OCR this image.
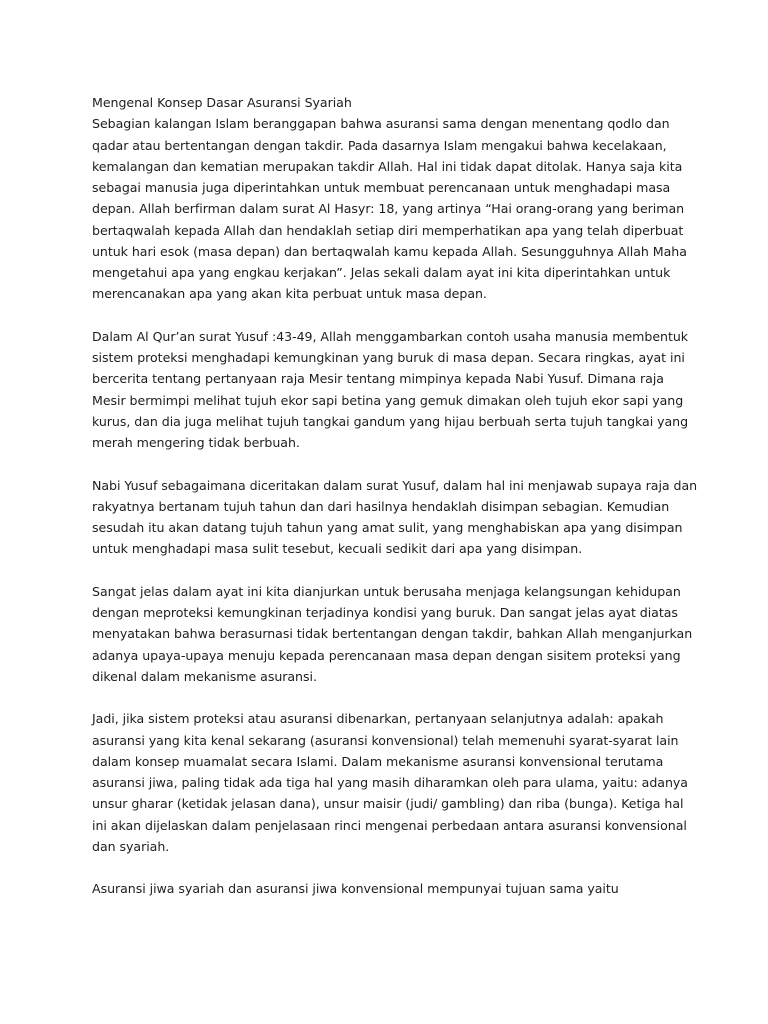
Mengenal Konsep Dasar Asuransi Syariah
Sebagian kalangan Islam beranggapan bahwa asuransi sama dengan menentang qodlo dan
qadar atau bertentangan dengan takdir. Pada dasarnya Islam mengakui bahwa kecelakaan,
kemalangan dan kematian merupakan takdir Allah. Hal ini tidak dapat ditolak. Hanya saja kita
sebagai manusia juga diperintahkan untuk membuat perencanaan untuk menghadapi masa
depan. Allah berfirman dalam surat Al Hasyr: 18, yang artinya “Hai orang-orang yang beriman
bertaqwalah kepada Allah dan hendaklah setiap diri memperhatikan apa yang telah diperbuat
untuk hari esok (masa depan) dan bertaqwalah kamu kepada Allah. Sesungguhnya Allah Maha
mengetahui apa yang engkau kerjakan”. Jelas sekali dalam ayat ini kita diperintahkan untuk
merencanakan apa yang akan kita perbuat untuk masa depan.
Dalam Al Qur’an surat Yusuf :43-49, Allah menggambarkan contoh usaha manusia membentuk
sistem proteksi menghadapi kemungkinan yang buruk di masa depan. Secara ringkas, ayat ini
bercerita tentang pertanyaan raja Mesir tentang mimpinya kepada Nabi Yusuf. Dimana raja
Mesir bermimpi melihat tujuh ekor sapi betina yang gemuk dimakan oleh tujuh ekor sapi yang
kurus, dan dia juga melihat tujuh tangkai gandum yang hijau berbuah serta tujuh tangkai yang
merah mengering tidak berbuah.
Nabi Yusuf sebagaimana diceritakan dalam surat Yusuf, dalam hal ini menjawab supaya raja dan
rakyatnya bertanam tujuh tahun dan dari hasilnya hendaklah disimpan sebagian. Kemudian
sesudah itu akan datang tujuh tahun yang amat sulit, yang menghabiskan apa yang disimpan
untuk menghadapi masa sulit tesebut, kecuali sedikit dari apa yang disimpan.
Sangat jelas dalam ayat ini kita dianjurkan untuk berusaha menjaga kelangsungan kehidupan
dengan meproteksi kemungkinan terjadinya kondisi yang buruk. Dan sangat jelas ayat diatas
menyatakan bahwa berasurnasi tidak bertentangan dengan takdir, bahkan Allah menganjurkan
adanya upaya-upaya menuju kepada perencanaan masa depan dengan sisitem proteksi yang
dikenal dalam mekanisme asuransi.
Jadi, jika sistem proteksi atau asuransi dibenarkan, pertanyaan selanjutnya adalah: apakah
asuransi yang kita kenal sekarang (asuransi konvensional) telah memenuhi syarat-syarat lain
dalam konsep muamalat secara Islami. Dalam mekanisme asuransi konvensional terutama
asuransi jiwa, paling tidak ada tiga hal yang masih diharamkan oleh para ulama, yaitu: adanya
unsur gharar (ketidak jelasan dana), unsur maisir (judi/ gambling) dan riba (bunga). Ketiga hal
ini akan dijelaskan dalam penjelasaan rinci mengenai perbedaan antara asuransi konvensional
dan syariah.
Asuransi jiwa syariah dan asuransi jiwa konvensional mempunyai tujuan sama yaitu
